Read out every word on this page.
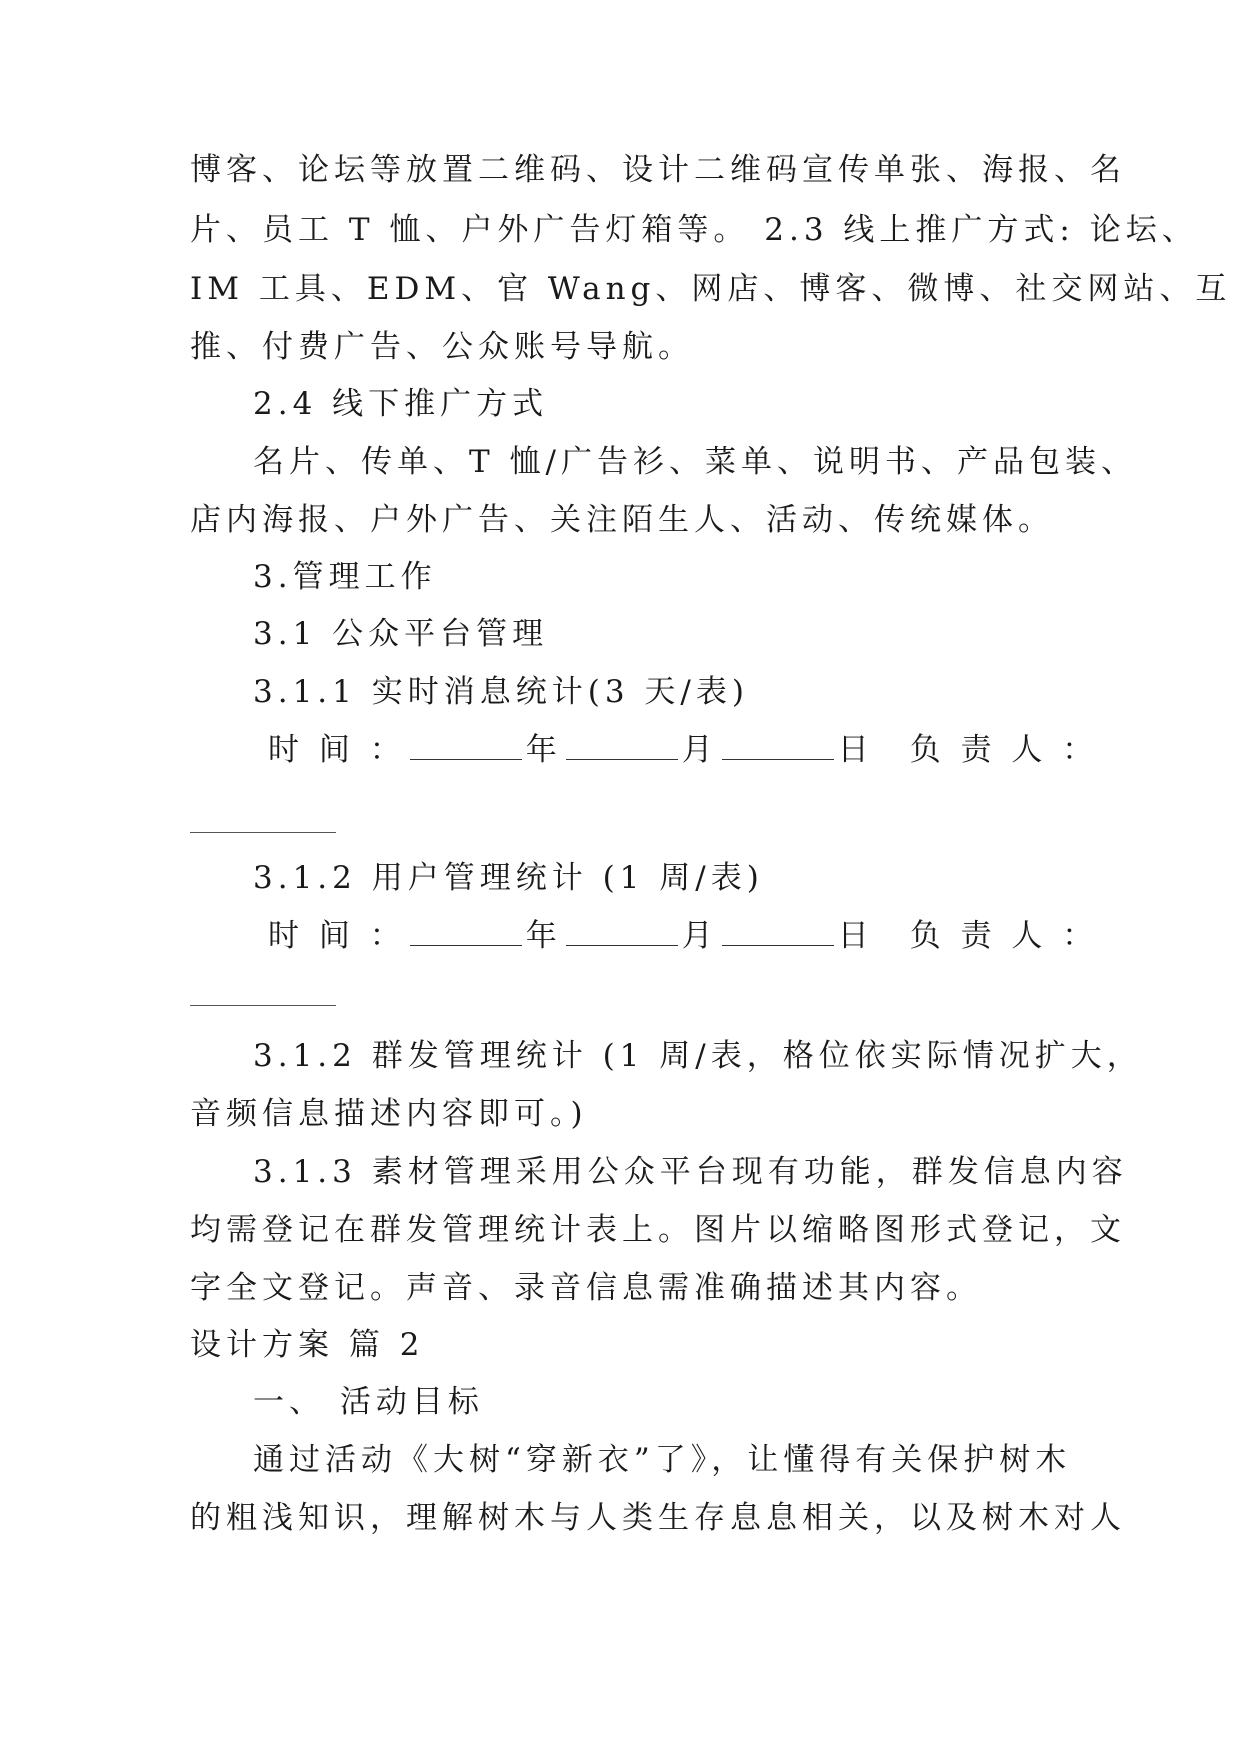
博客、论坛等放置二维码、设计二维码宣传单张、海报、名
片、员工 T 恤、户外广告灯箱等。 2.3 线上推广方式: 论坛、
IM 工具、EDM、官 Wang、网店、博客、微博、社交网站、互
推、付费广告、公众账号导航。
2.4 线下推广方式
名片、传单、T 恤/广告衫、菜单、说明书、产品包装、
店内海报、户外广告、关注陌生人、活动、传统媒体。
3.管理工作
3.1 公众平台管理
3.1.1 实时消息统计(3 天/表)
时 间 ：	年	月	日 负 责 人 ：
3.1.2 用户管理统计 (1 周/表)
时 间 ：	年	月	日 负 责 人 ：
3.1.2 群发管理统计 (1 周/表，格位依实际情况扩大，
音频信息描述内容即可。)
3.1.3 素材管理采用公众平台现有功能，群发信息内容
均需登记在群发管理统计表上。图片以缩略图形式登记，文
字全文登记。声音、录音信息需准确描述其内容。
设计方案 篇 2
一、 活动目标
通过活动《大树“穿新衣”了》，让懂得有关保护树木
的粗浅知识，理解树木与人类生存息息相关，以及树木对人
